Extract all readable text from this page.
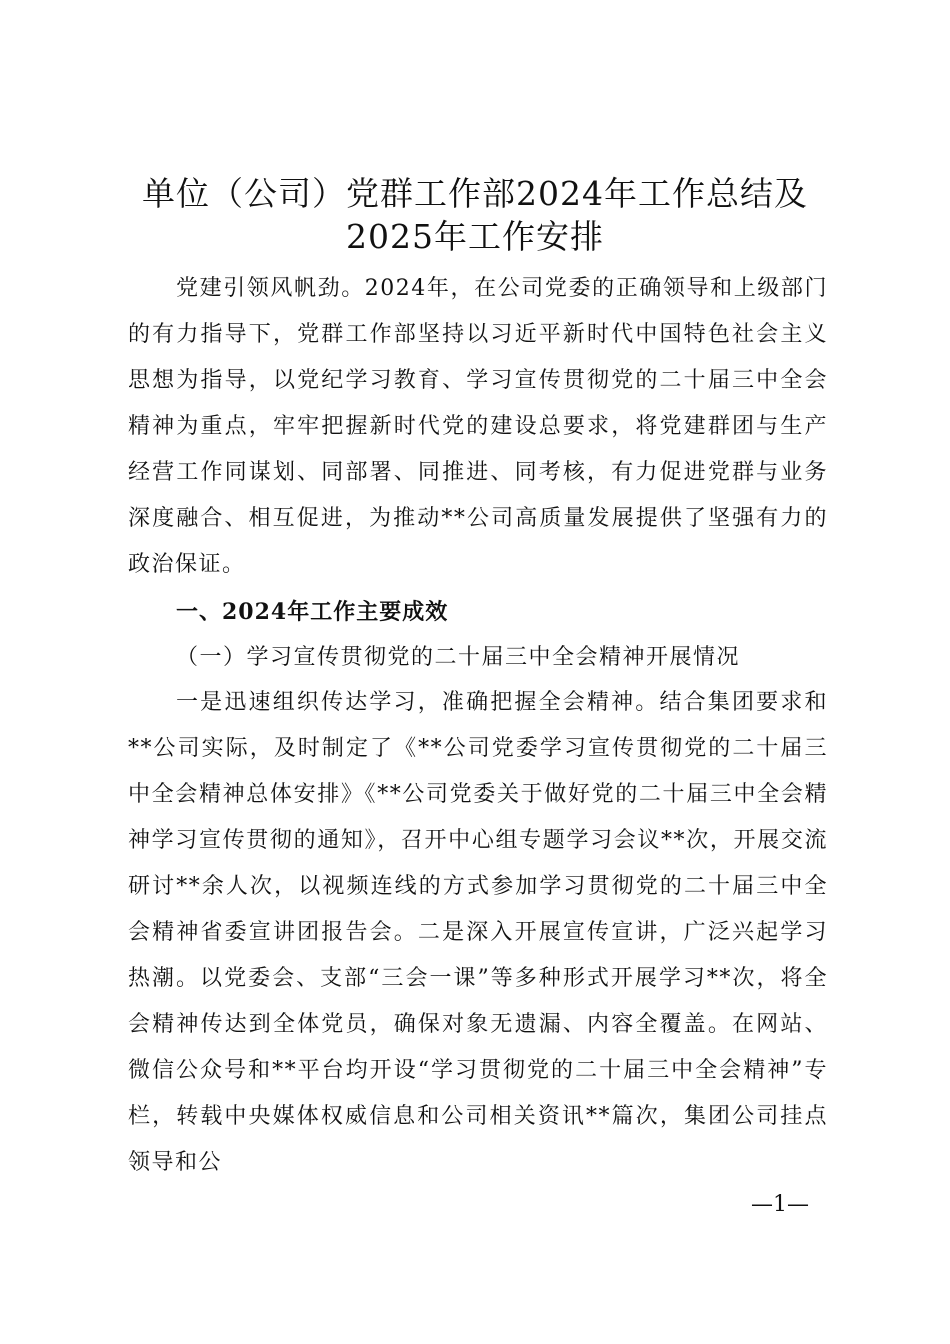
单位（公司）党群工作部2024年工作总结及
2025年工作安排

党建引领风帆劲。2024年，在公司党委的正确领导和上级部门的有力指导下，党群工作部坚持以习近平新时代中国特色社会主义思想为指导，以党纪学习教育、学习宣传贯彻党的二十届三中全会精神为重点，牢牢把握新时代党的建设总要求，将党建群团与生产经营工作同谋划、同部署、同推进、同考核，有力促进党群与业务深度融合、相互促进，为推动**公司高质量发展提供了坚强有力的政治保证。

一、2024年工作主要成效
（一）学习宣传贯彻党的二十届三中全会精神开展情况

一是迅速组织传达学习，准确把握全会精神。结合集团要求和**公司实际，及时制定了《**公司党委学习宣传贯彻党的二十届三中全会精神总体安排》《**公司党委关于做好党的二十届三中全会精神学习宣传贯彻的通知》，召开中心组专题学习会议**次，开展交流研讨**余人次，以视频连线的方式参加学习贯彻党的二十届三中全会精神省委宣讲团报告会。二是深入开展宣传宣讲，广泛兴起学习热潮。以党委会、支部“三会一课”等多种形式开展学习**次，将全会精神传达到全体党员，确保对象无遗漏、内容全覆盖。在网站、微信公众号和**平台均开设“学习贯彻党的二十届三中全会精神”专栏，转载中央媒体权威信息和公司相关资讯**篇次，集团公司挂点领导和公

—1—
